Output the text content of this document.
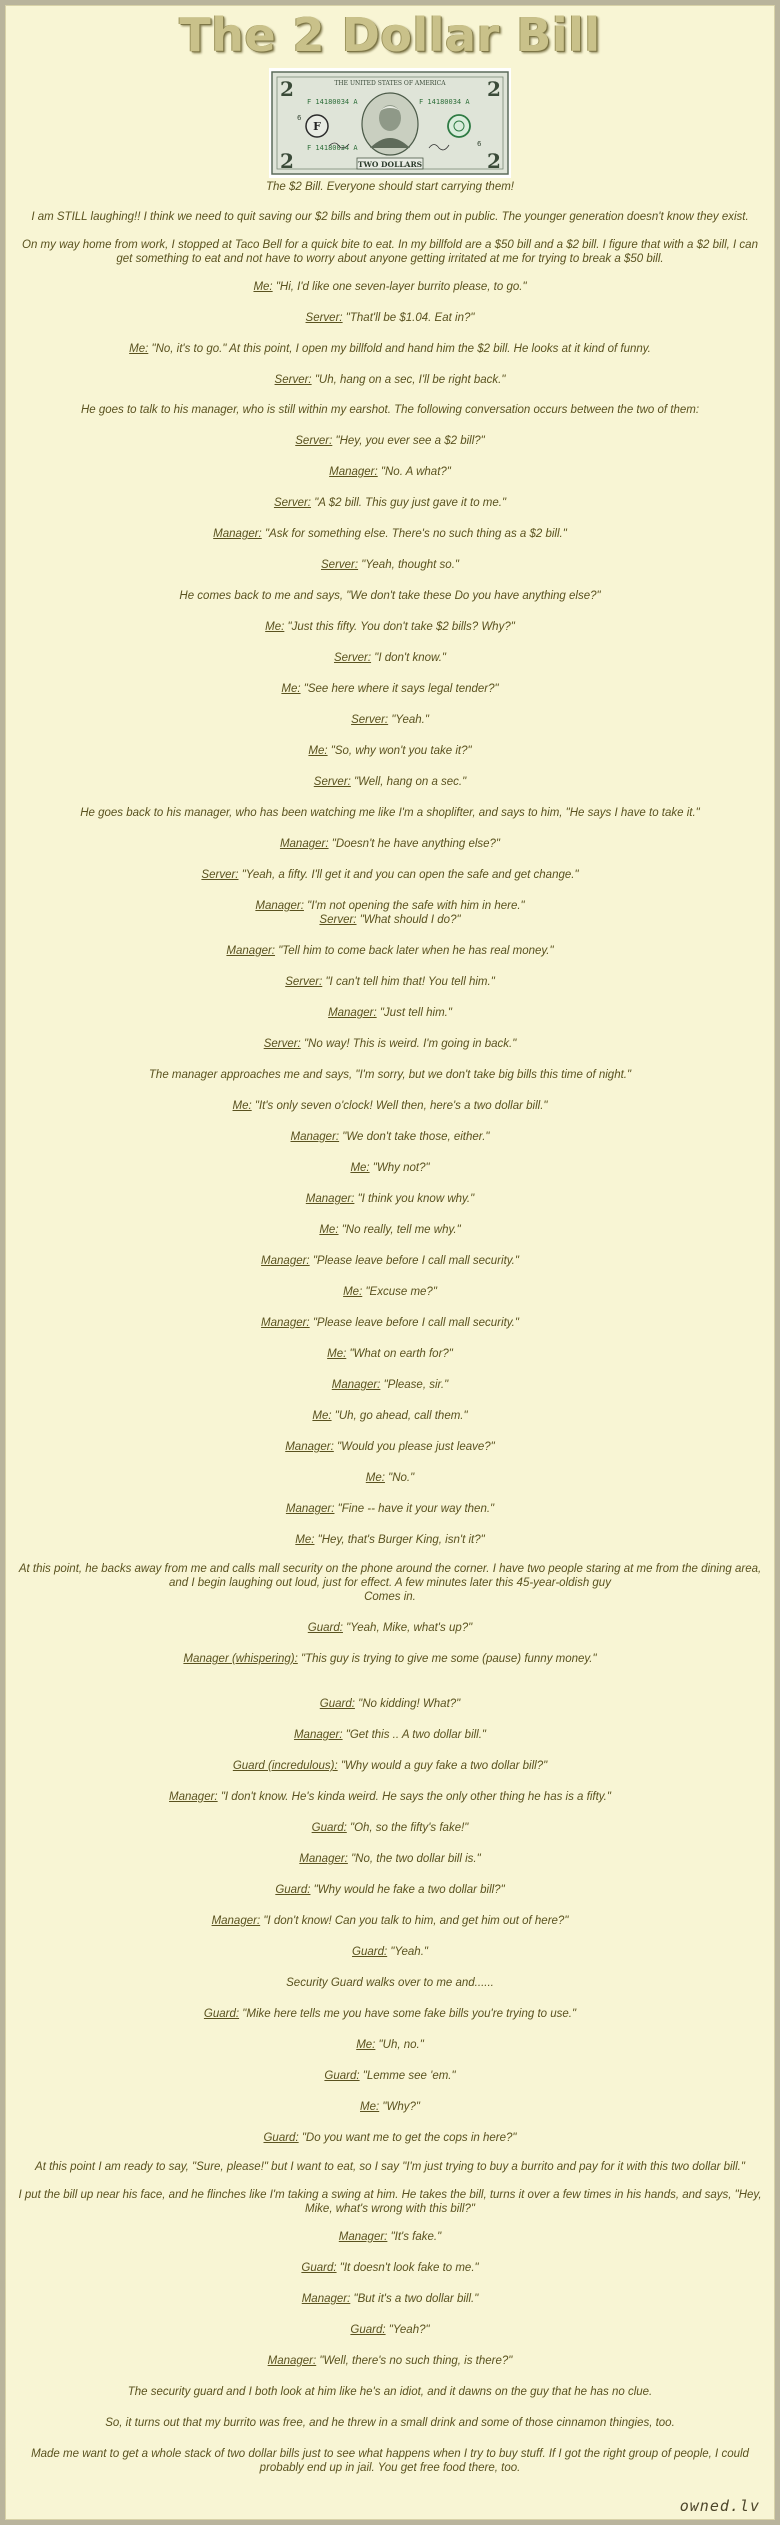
The 2 Dollar Bill
2	2
2	2
THE UNITED STATES OF AMERICA
F 14180034 A	F 14180034 A
F 14180034 A
F
6
6
TWO DOLLARS

The $2 Bill. Everyone should start carrying them!

I am STILL laughing!! I think we need to quit saving our $2 bills and bring them out in public. The younger generation doesn't know they exist.

On my way home from work, I stopped at Taco Bell for a quick bite to eat. In my billfold are a $50 bill and a $2 bill. I figure that with a $2 bill, I can get something to eat and not have to worry about anyone getting irritated at me for trying to break a $50 bill.

Me: "Hi, I'd like one seven-layer burrito please, to go."

Server: "That'll be $1.04. Eat in?"

Me: "No, it's to go." At this point, I open my billfold and hand him the $2 bill. He looks at it kind of funny.

Server: "Uh, hang on a sec, I'll be right back."

He goes to talk to his manager, who is still within my earshot. The following conversation occurs between the two of them:

Server: "Hey, you ever see a $2 bill?"

Manager: "No. A what?"

Server: "A $2 bill. This guy just gave it to me."

Manager: "Ask for something else. There's no such thing as a $2 bill."

Server: "Yeah, thought so."

He comes back to me and says, "We don't take these Do you have anything else?"

Me: "Just this fifty. You don't take $2 bills? Why?"

Server: "I don't know."

Me: "See here where it says legal tender?"

Server: "Yeah."

Me: "So, why won't you take it?"

Server: "Well, hang on a sec."

He goes back to his manager, who has been watching me like I'm a shoplifter, and says to him, "He says I have to take it."

Manager: "Doesn't he have anything else?"

Server: "Yeah, a fifty. I'll get it and you can open the safe and get change."

Manager: "I'm not opening the safe with him in here."

Server: "What should I do?"

Manager: "Tell him to come back later when he has real money."

Server: "I can't tell him that! You tell him."

Manager: "Just tell him."

Server: "No way! This is weird. I'm going in back."

The manager approaches me and says, "I'm sorry, but we don't take big bills this time of night."

Me: "It's only seven o'clock! Well then, here's a two dollar bill."

Manager: "We don't take those, either."

Me: "Why not?"

Manager: "I think you know why."

Me: "No really, tell me why."

Manager: "Please leave before I call mall security."

Me: "Excuse me?"

Manager: "Please leave before I call mall security."

Me: "What on earth for?"

Manager: "Please, sir."

Me: "Uh, go ahead, call them."

Manager: "Would you please just leave?"

Me: "No."

Manager: "Fine -- have it your way then."

Me: "Hey, that's Burger King, isn't it?"

At this point, he backs away from me and calls mall security on the phone around the corner. I have two people staring at me from the dining area, and I begin laughing out loud, just for effect. A few minutes later this 45-year-oldish guy
Comes in.

Guard: "Yeah, Mike, what's up?"

Manager (whispering): "This guy is trying to give me some (pause) funny money."

Guard: "No kidding! What?"

Manager: "Get this .. A two dollar bill."

Guard (incredulous): "Why would a guy fake a two dollar bill?"

Manager: "I don't know. He's kinda weird. He says the only other thing he has is a fifty."

Guard: "Oh, so the fifty's fake!"

Manager: "No, the two dollar bill is."

Guard: "Why would he fake a two dollar bill?"

Manager: "I don't know! Can you talk to him, and get him out of here?"

Guard: "Yeah."

Security Guard walks over to me and......

Guard: "Mike here tells me you have some fake bills you're trying to use."

Me: "Uh, no."

Guard: "Lemme see 'em."

Me: "Why?"

Guard: "Do you want me to get the cops in here?"

At this point I am ready to say, "Sure, please!" but I want to eat, so I say "I'm just trying to buy a burrito and pay for it with this two dollar bill."

I put the bill up near his face, and he flinches like I'm taking a swing at him. He takes the bill, turns it over a few times in his hands, and says, "Hey, Mike, what's wrong with this bill?"

Manager: "It's fake."

Guard: "It doesn't look fake to me."

Manager: "But it's a two dollar bill."

Guard: "Yeah?"

Manager: "Well, there's no such thing, is there?"

The security guard and I both look at him like he's an idiot, and it dawns on the guy that he has no clue.

So, it turns out that my burrito was free, and he threw in a small drink and some of those cinnamon thingies, too.

Made me want to get a whole stack of two dollar bills just to see what happens when I try to buy stuff. If I got the right group of people, I could probably end up in jail. You get free food there, too.

owned.lv
